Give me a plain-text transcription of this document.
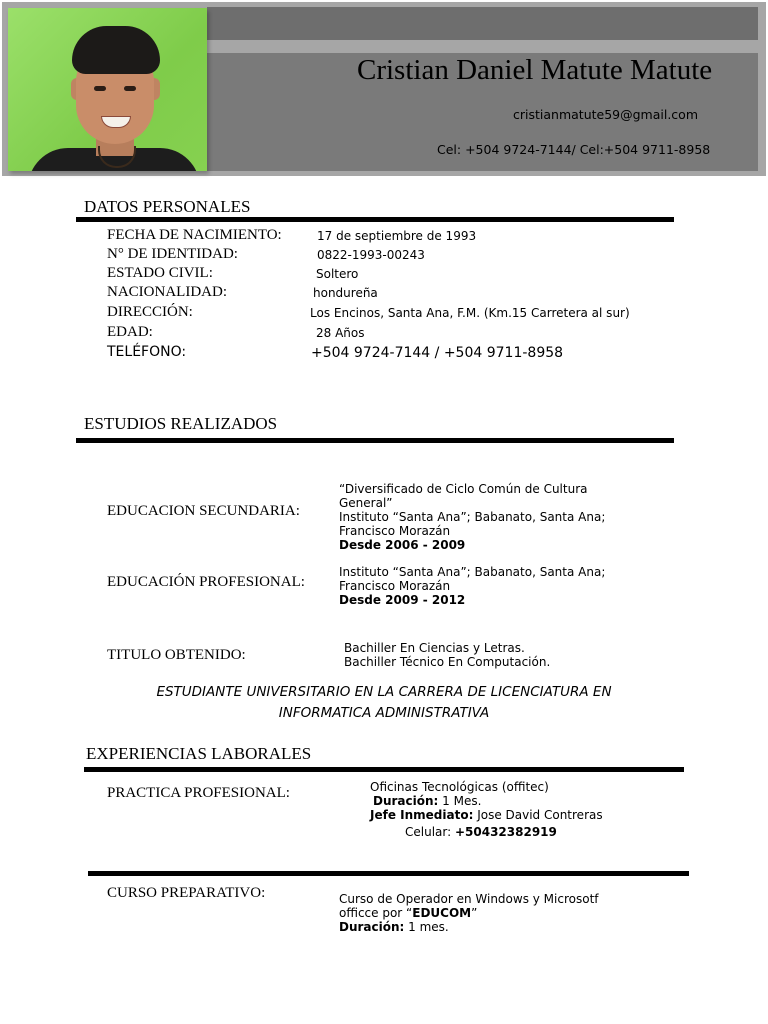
Cristian Daniel Matute Matute
cristianmatute59@gmail.com
Cel: +504 9724-7144/ Cel:+504 9711-8958
DATOS PERSONALES
FECHA DE NACIMIENTO:	17 de septiembre de 1993
N° DE IDENTIDAD:	0822-1993-00243
ESTADO CIVIL:	Soltero
NACIONALIDAD:	hondureña
DIRECCIÓN:	Los Encinos, Santa Ana, F.M. (Km.15 Carretera al sur)
EDAD:	28 Años
TELÉFONO:	+504 9724-7144 / +504 9711-8958
ESTUDIOS REALIZADOS
EDUCACION SECUNDARIA:
“Diversificado de Ciclo Común de Cultura
General”
Instituto “Santa Ana”; Babanato, Santa Ana;
Francisco Morazán
Desde 2006 - 2009
EDUCACIÓN PROFESIONAL:
Instituto “Santa Ana”; Babanato, Santa Ana;
Francisco Morazán
Desde 2009 - 2012
TITULO OBTENIDO:	Bachiller En Ciencias y Letras.
Bachiller Técnico En Computación.
ESTUDIANTE UNIVERSITARIO EN LA CARRERA DE LICENCIATURA EN
INFORMATICA ADMINISTRATIVA
EXPERIENCIAS LABORALES
PRACTICA PROFESIONAL:	Oficinas Tecnológicas (offitec)
Duración: 1 Mes.
Jefe Inmediato: Jose David Contreras
Celular: +50432382919
CURSO PREPARATIVO:	Curso de Operador en Windows y Microsotf
officce por “EDUCOM”
Duración: 1 mes.
